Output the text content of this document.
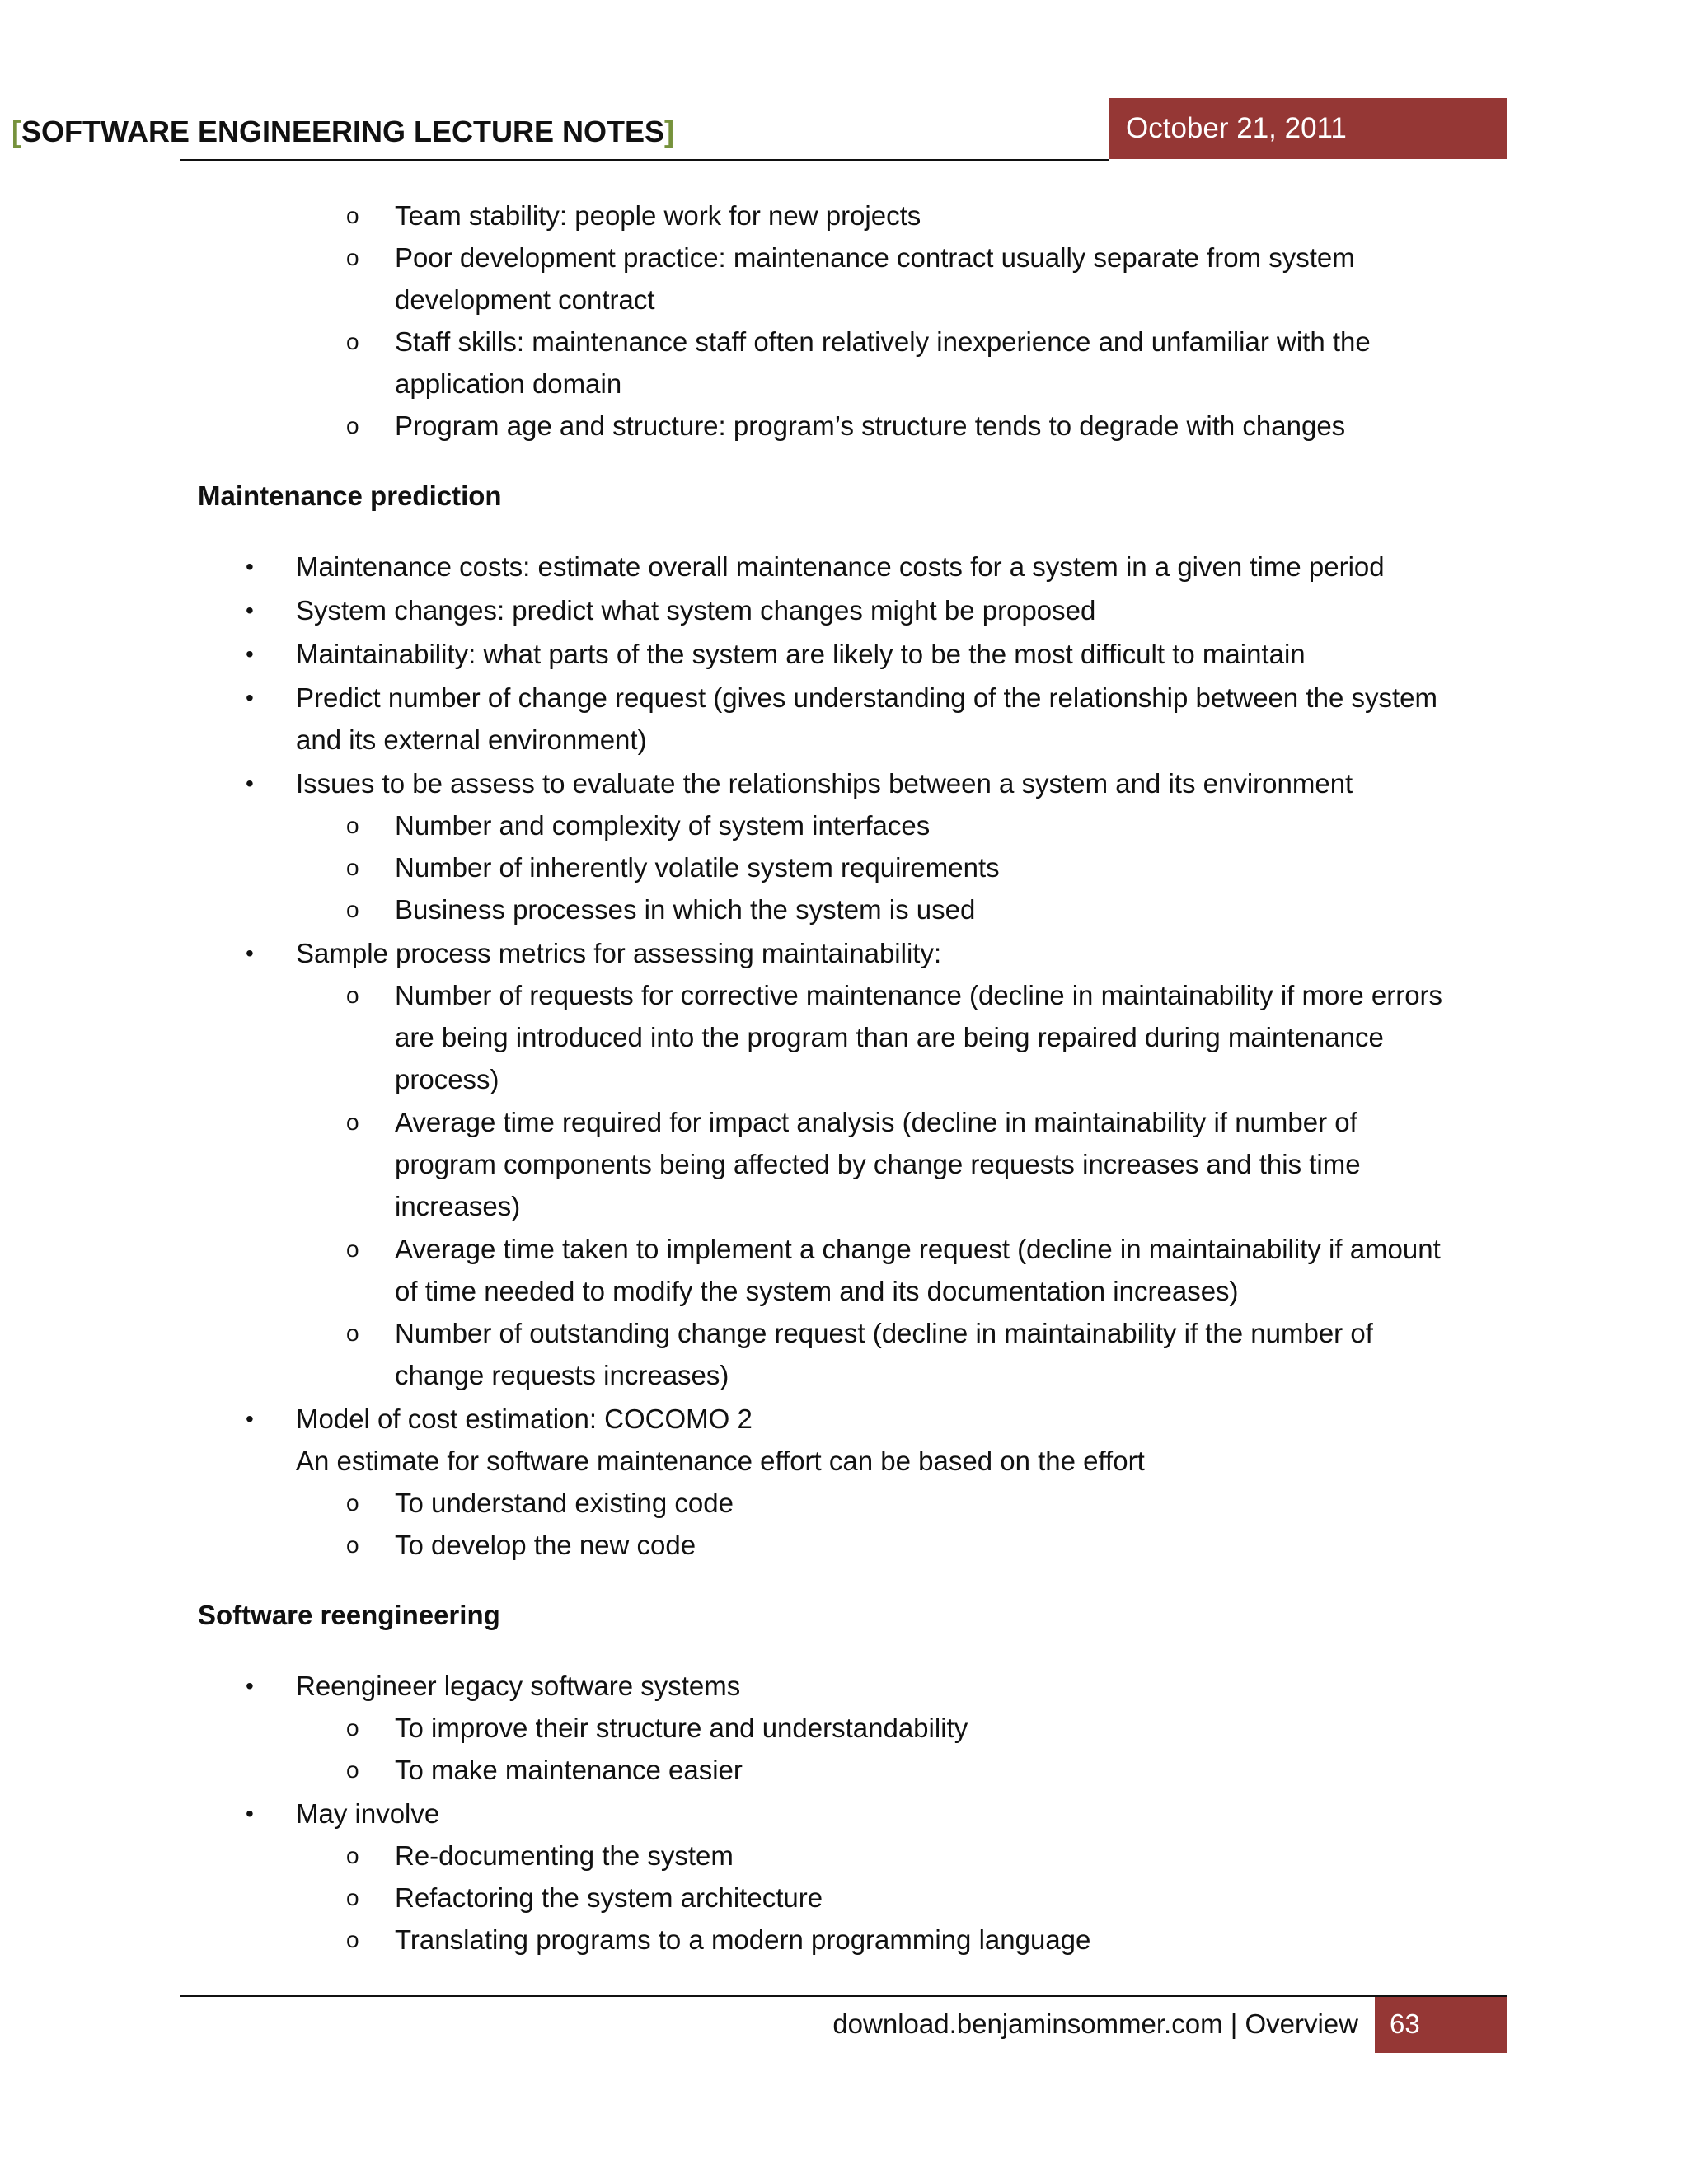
[SOFTWARE ENGINEERING LECTURE NOTES]	October 21, 2011
o Team stability: people work for new projects
o Poor development practice: maintenance contract usually separate from system
development contract
o Staff skills: maintenance staff often relatively inexperience and unfamiliar with the
application domain
o Program age and structure: program’s structure tends to degrade with changes
Maintenance prediction
• Maintenance costs: estimate overall maintenance costs for a system in a given time period
• System changes: predict what system changes might be proposed
• Maintainability: what parts of the system are likely to be the most difficult to maintain
• Predict number of change request (gives understanding of the relationship between the system
and its external environment)
• Issues to be assess to evaluate the relationships between a system and its environment
o Number and complexity of system interfaces
o Number of inherently volatile system requirements
o Business processes in which the system is used
• Sample process metrics for assessing maintainability:
o Number of requests for corrective maintenance (decline in maintainability if more errors
are being introduced into the program than are being repaired during maintenance
process)
o Average time required for impact analysis (decline in maintainability if number of
program components being affected by change requests increases and this time
increases)
o Average time taken to implement a change request (decline in maintainability if amount
of time needed to modify the system and its documentation increases)
o Number of outstanding change request (decline in maintainability if the number of
change requests increases)
• Model of cost estimation: COCOMO 2
An estimate for software maintenance effort can be based on the effort
o To understand existing code
o To develop the new code
Software reengineering
• Reengineer legacy software systems
o To improve their structure and understandability
o To make maintenance easier
• May involve
o Re-documenting the system
o Refactoring the system architecture
o Translating programs to a modern programming language
download.benjaminsommer.com | Overview	63
